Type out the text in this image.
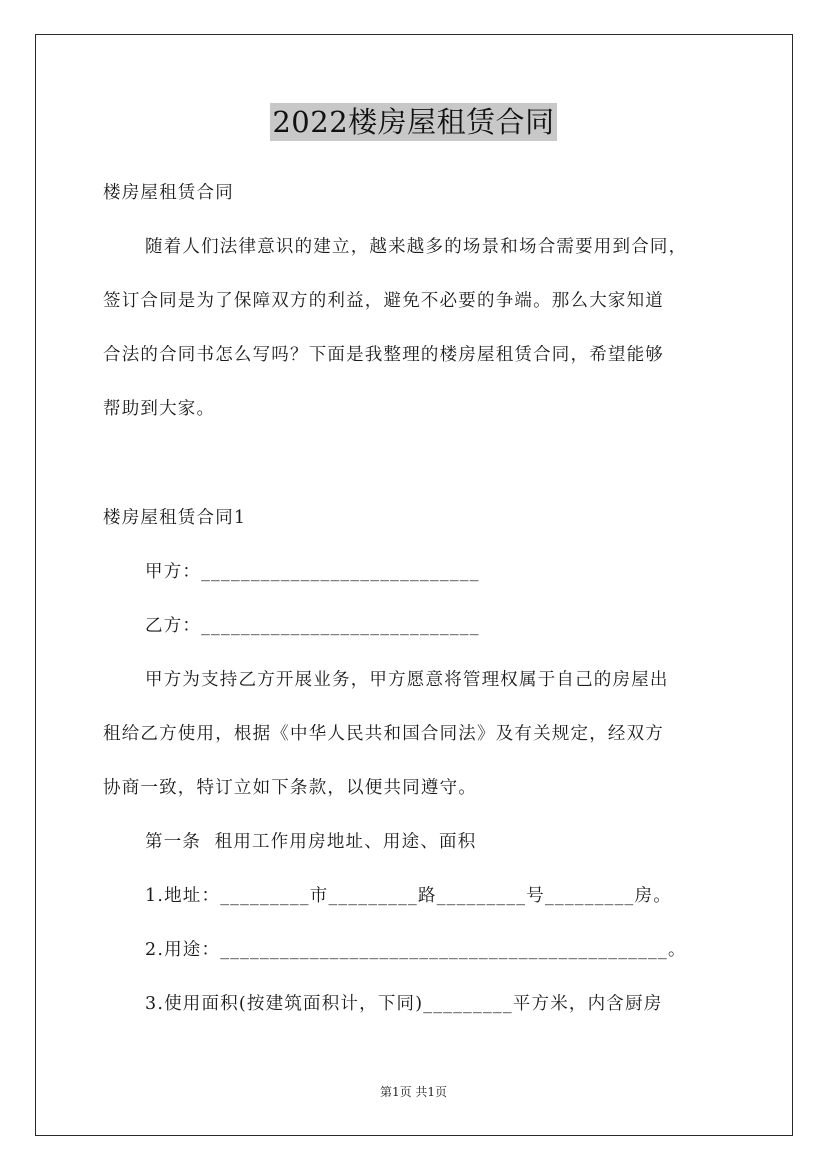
2022楼房屋租赁合同
楼房屋租赁合同
随着人们法律意识的建立，越来越多的场景和场合需要用到合同，
签订合同是为了保障双方的利益，避免不必要的争端。那么大家知道
合法的合同书怎么写吗？下面是我整理的楼房屋租赁合同，希望能够
帮助到大家。
楼房屋租赁合同1
甲方：____________________________
乙方：____________________________
甲方为支持乙方开展业务，甲方愿意将管理权属于自己的房屋出
租给乙方使用，根据《中华人民共和国合同法》及有关规定，经双方
协商一致，特订立如下条款，以便共同遵守。
第一条  租用工作用房地址、用途、面积
1.地址：_________市_________路_________号_________房。
2.用途：_____________________________________________。
3.使用面积(按建筑面积计，下同)_________平方米，内含厨房
第1页 共1页
